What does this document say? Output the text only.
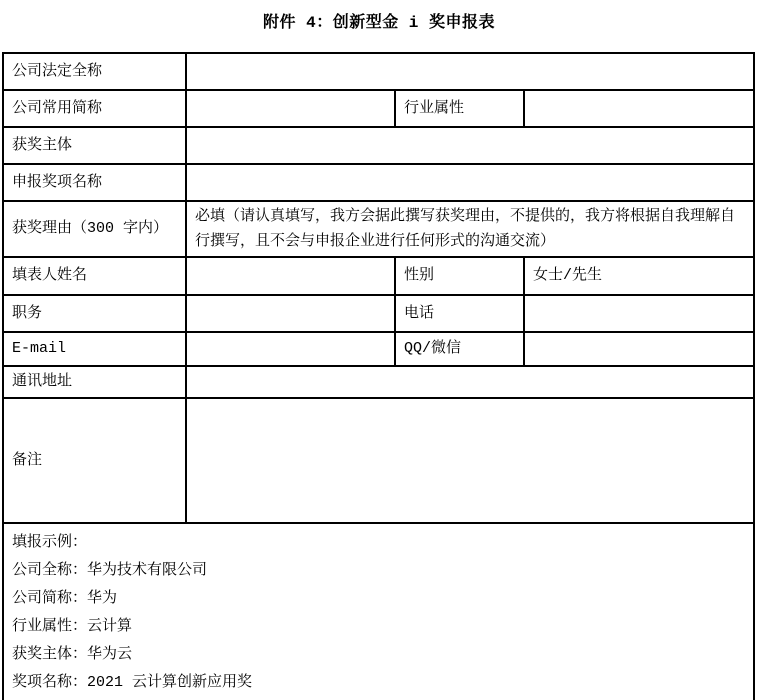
附件 4：创新型金 i 奖申报表
公司法定全称			
公司常用简称		行业属性	
获奖主体			
申报奖项名称			
获奖理由（300 字内）	必填（请认真填写，我方会据此撰写获奖理由，不提供的，我方将根据自我理解自行撰写，且不会与申报企业进行任何形式的沟通交流）		
填表人姓名		性别	女士/先生
职务		电话	
E-mail		QQ/微信	
通讯地址			
备注			

填报示例：
公司全称：华为技术有限公司
公司简称：华为
行业属性：云计算
获奖主体：华为云
奖项名称：2021 云计算创新应用奖
